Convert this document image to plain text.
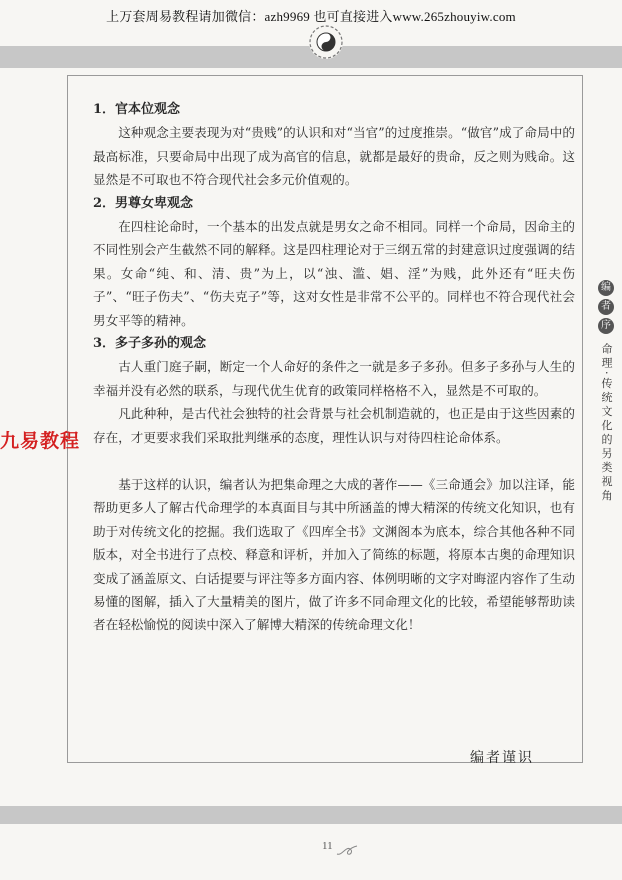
上万套周易教程请加微信：azh9969 也可直接进入www.265zhouyiw.com

1．官本位观念

这种观念主要表现为对“贵贱”的认识和对“当官”的过度推崇。“做官”成了命局中的最高标准，只要命局中出现了成为高官的信息，就都是最好的贵命，反之则为贱命。这显然是不可取也不符合现代社会多元价值观的。

2．男尊女卑观念

在四柱论命时，一个基本的出发点就是男女之命不相同。同样一个命局，因命主的不同性别会产生截然不同的解释。这是四柱理论对于三纲五常的封建意识过度强调的结果。女命“纯、和、清、贵”为上，以“浊、滥、娼、淫”为贱，此外还有“旺夫伤子”、“旺子伤夫”、“伤夫克子”等，这对女性是非常不公平的。同样也不符合现代社会男女平等的精神。

3．多子多孙的观念

古人重门庭子嗣，断定一个人命好的条件之一就是多子多孙。但多子多孙与人生的幸福并没有必然的联系，与现代优生优育的政策同样格格不入，显然是不可取的。

凡此种种，是古代社会独特的社会背景与社会机制造就的，也正是由于这些因素的存在，才更要求我们采取批判继承的态度，理性认识与对待四柱论命体系。

基于这样的认识，编者认为把集命理之大成的著作——《三命通会》加以注译，能帮助更多人了解古代命理学的本真面目与其中所涵盖的博大精深的传统文化知识，也有助于对传统文化的挖掘。我们选取了《四库全书》文渊阁本为底本，综合其他各种不同版本，对全书进行了点校、释意和评析，并加入了简练的标题，将原本古奥的命理知识变成了涵盖原文、白话提要与评注等多方面内容、体例明晰的文字对晦涩内容作了生动易懂的图解，插入了大量精美的图片，做了许多不同命理文化的比较，希望能够帮助读者在轻松愉悦的阅读中深入了解博大精深的传统命理文化！

九易教程
编者谨识
编
者
序
命理·传统文化的另类视角
11
